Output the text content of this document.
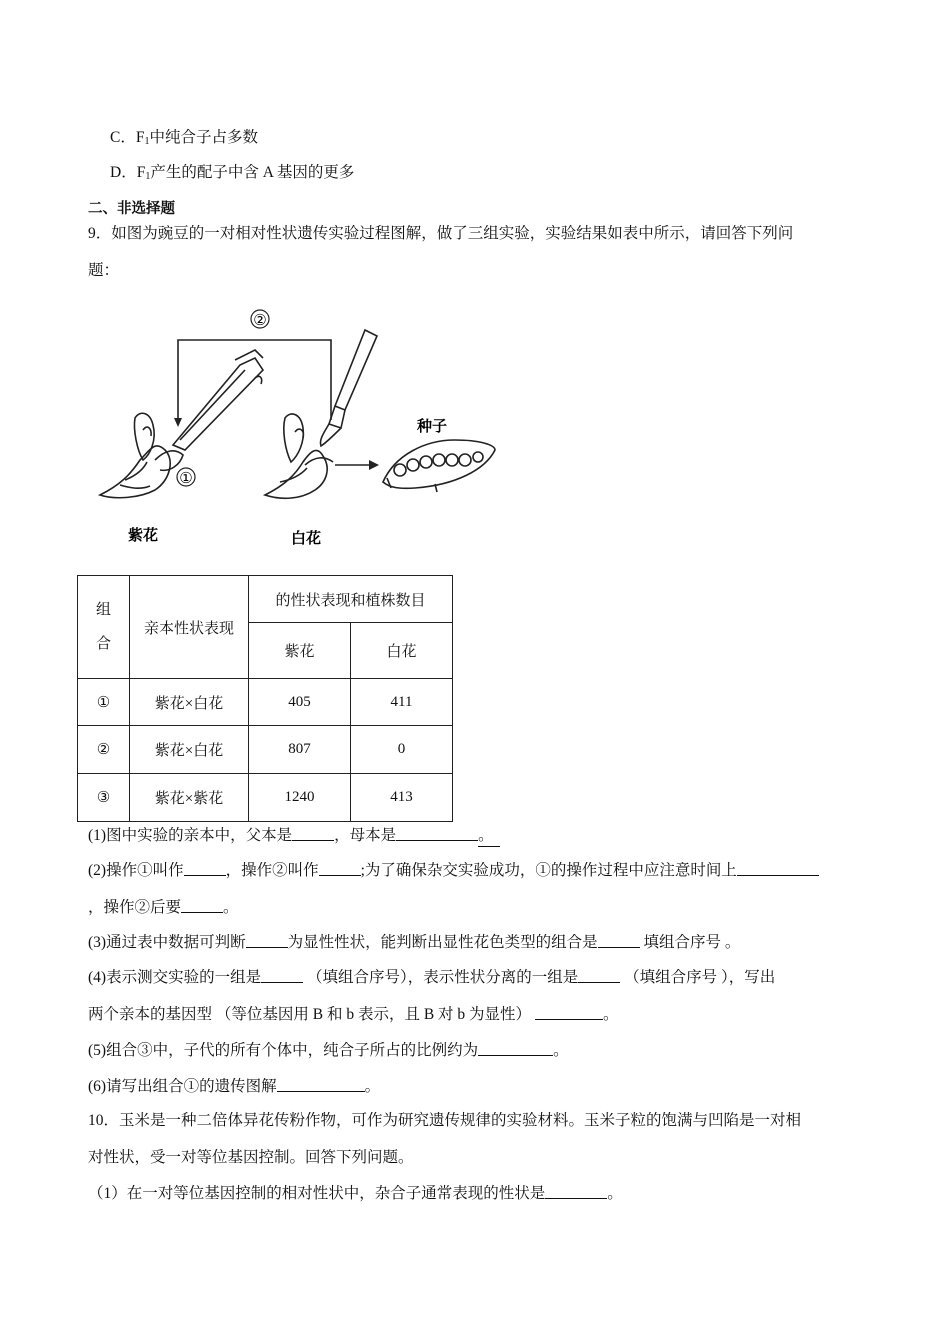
C．$F_1$中纯合子占多数
D．$F_1$产生的配子中含 A 基因的更多
二、非选择题
9．如图为豌豆的一对相对性状遗传实验过程图解，做了三组实验，实验结果如表中所示，请回答下列问
题：
②
①
种子
紫花	白花
组合	亲本性状表现	的性状表现和植株数目	
		紫花	白花
①	紫花×白花	405	411
②	紫花×白花	807	0
③	紫花×紫花	1240	413
(1)图中实验的亲本中，父本是	，母本是	。
(2)操作①叫作	，操作②叫作	;为了确保杂交实验成功，①的操作过程中应注意时间上
，操作②后要	。
(3)通过表中数据可判断	为显性性状，能判断出显性花色类型的组合是	填组合序号 。
(4)表示测交实验的一组是	（填组合序号），表示性状分离的一组是	（填组合序号 ），写出
两个亲本的基因型 （等位基因用 B 和 b 表示，且 B 对 b 为显性）	。
(5)组合③中，子代的所有个体中，纯合子所占的比例约为	。
(6)请写出组合①的遗传图解	。
10．玉米是一种二倍体异花传粉作物，可作为研究遗传规律的实验材料。玉米子粒的饱满与凹陷是一对相
对性状，受一对等位基因控制。回答下列问题。
（1）在一对等位基因控制的相对性状中，杂合子通常表现的性状是	。
